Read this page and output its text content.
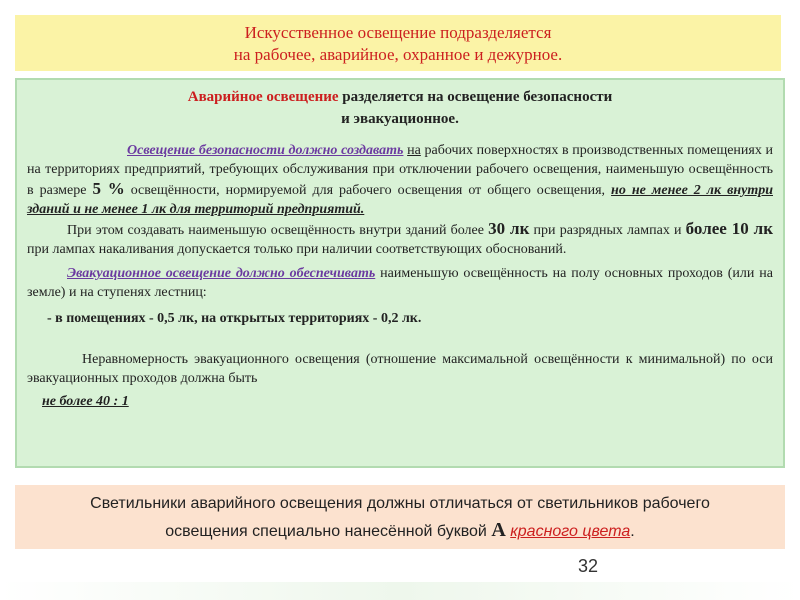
Искусственное освещение подразделяется
на рабочее, аварийное, охранное и дежурное.

Аварийное освещение разделяется на освещение безопасности

и эвакуационное.

Освещение безопасности должно создавать на рабочих поверхностях в производственных помещениях и на территориях предприятий, требующих обслуживания при отключении рабочего освещения, наименьшую освещённость в размере 5 % освещённости, нормируемой для рабочего освещения от общего освещения, но не менее 2 лк внутри зданий и не менее 1 лк для территорий предприятий.

При этом создавать наименьшую освещённость внутри зданий более 30 лк при разрядных лампах и более 10 лк при лампах накаливания допускается только при наличии соответствующих обоснований.

Эвакуационное освещение должно обеспечивать наименьшую освещённость на полу основных проходов (или на земле) и на ступенях лестниц:

- в помещениях - 0,5 лк, на открытых территориях - 0,2 лк.

Неравномерность эвакуационного освещения (отношение максимальной освещённости к минимальной) по оси эвакуационных проходов должна быть

не более 40 : 1

Светильники аварийного освещения должны отличаться от светильников рабочего
освещения специально нанесённой буквой А красного цвета.
32
